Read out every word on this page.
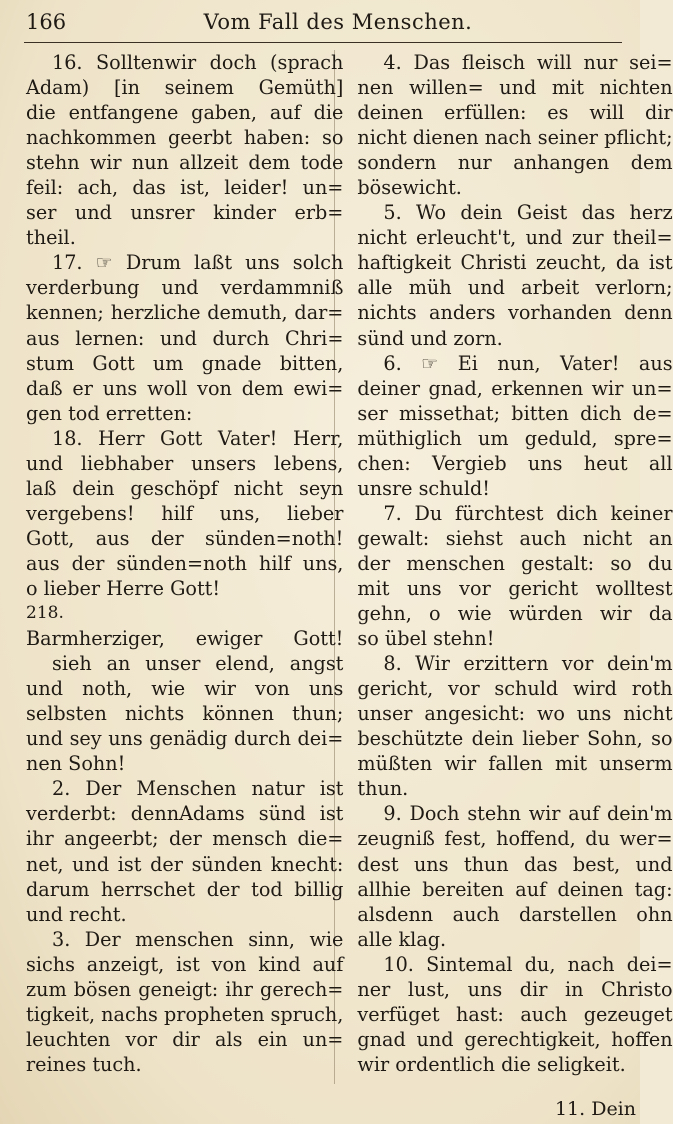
166	Vom Fall des Menschen.
16. Solltenwir doch (sprach
Adam) [in seinem Gemüth]
die entfangene gaben, auf die
nachkommen geerbt haben: so
stehn wir nun allzeit dem tode
feil: ach, das ist, leider! un=
ser und unsrer kinder erb=
theil.
17. ☞ Drum laßt uns solch
verderbung und verdammniß
kennen; herzliche demuth, dar=
aus lernen: und durch Chri=
stum Gott um gnade bitten,
daß er uns woll von dem ewi=
gen tod erretten:
18. Herr Gott Vater! Herr,
und liebhaber unsers lebens,
laß dein geschöpf nicht seyn
vergebens! hilf uns, lieber
Gott, aus der sünden=noth!
aus der sünden=noth hilf uns,
o lieber Herre Gott!
218.
Barmherziger, ewiger Gott!
sieh an unser elend, angst
und noth, wie wir von uns
selbsten nichts können thun;
und sey uns genädig durch dei=
nen Sohn!
2. Der Menschen natur ist
verderbt: dennAdams sünd ist
ihr angeerbt; der mensch die=
net, und ist der sünden knecht:
darum herrschet der tod billig
und recht.
3. Der menschen sinn, wie
sichs anzeigt, ist von kind auf
zum bösen geneigt: ihr gerech=
tigkeit, nachs propheten spruch,
leuchten vor dir als ein un=
reines tuch.
4. Das fleisch will nur sei=
nen willen= und mit nichten
deinen erfüllen: es will dir
nicht dienen nach seiner pflicht;
sondern nur anhangen dem
bösewicht.
5. Wo dein Geist das herz
nicht erleucht't, und zur theil=
haftigkeit Christi zeucht, da ist
alle müh und arbeit verlorn;
nichts anders vorhanden denn
sünd und zorn.
6. ☞ Ei nun, Vater! aus
deiner gnad, erkennen wir un=
ser missethat; bitten dich de=
müthiglich um geduld, spre=
chen: Vergieb uns heut all
unsre schuld!
7. Du fürchtest dich keiner
gewalt: siehst auch nicht an
der menschen gestalt: so du
mit uns vor gericht wolltest
gehn, o wie würden wir da
so übel stehn!
8. Wir erzittern vor dein'm
gericht, vor schuld wird roth
unser angesicht: wo uns nicht
beschützte dein lieber Sohn, so
müßten wir fallen mit unserm
thun.
9. Doch stehn wir auf dein'm
zeugniß fest, hoffend, du wer=
dest uns thun das best, und
allhie bereiten auf deinen tag:
alsdenn auch darstellen ohn
alle klag.
10. Sintemal du, nach dei=
ner lust, uns dir in Christo
verfüget hast: auch gezeuget
gnad und gerechtigkeit, hoffen
wir ordentlich die seligkeit.
11. Dein
